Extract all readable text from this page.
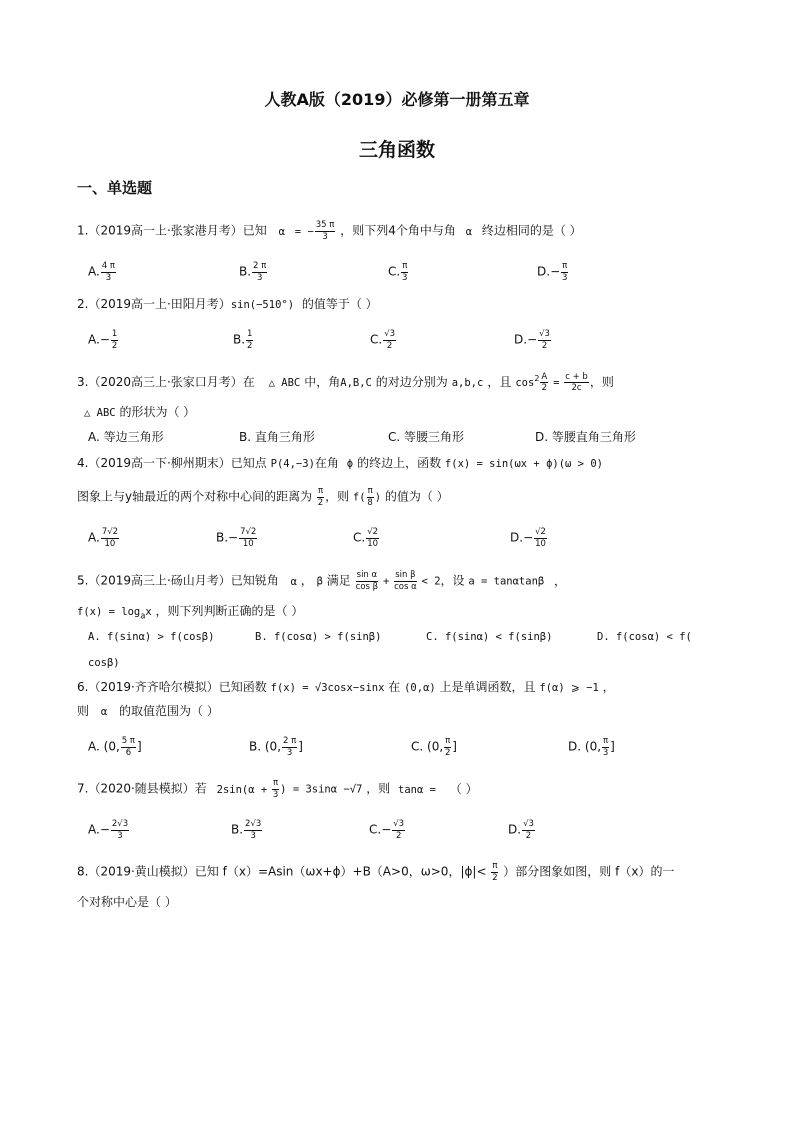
人教A版（2019）必修第一册第五章
三角函数
一、单选题
1.（2019高一上·张家港月考）已知 α = − $\frac{35 \pi}{3}$ ，则下列4个角中与角 α 终边相同的是（ ）
A. $\frac{4 \pi}{3}$	B. $\frac{2 \pi}{3}$	C. $\frac{\pi}{3}$	$D.- \frac{\pi}{3}$
2.（2019高一上·田阳月考）sin(−510°) 的值等于（ ）
$A.- \frac{1}{2}$	B. $\frac{1}{2}$	C. $\frac{√3}{2}$	$D.- \frac{√3}{2}$
3.（2020高三上·张家口月考）在 △ ABC 中，角A,B,C 的对边分别为 a,b,c ，且 $\cos^2 \frac{A}{2} = \frac{c + b}{2c}$ ，则
△ ABC 的形状为（ ）
A. 等边三角形	B. 直角三角形	C. 等腰三角形	D. 等腰直角三角形
4.（2019高一下·柳州期末）已知点 P(4,−3)在角 ϕ 的终边上，函数 f(x) = sin(ωx + ϕ)(ω > 0)
图象上与y轴最近的两个对称中心间的距离为 $\frac{\pi}{2}$ ，则 $f( \frac{\pi}{8}$ ) 的值为（ ）
A. $\frac{7√2}{10}$	$B.- \frac{7√2}{10}$	C. $\frac{√2}{10}$	$D.- \frac{√2}{10}$
5.（2019高三上·砀山月考）已知锐角 α ， β 满足 $\frac{\text{sin α}}{\text{cos β}} + \frac{\text{sin β}}{\text{cos α}} < 2$，设 a = tanαtanβ ，
$f(x) = \log_ax$ ，则下列判断正确的是（ ）
A. f(sinα) > f(cosβ)	B. f(cosα) > f(sinβ)	C. f(sinα) < f(sinβ)	D. f(cosα) < f(
cosβ)
6.（2019·齐齐哈尔模拟）已知函数 f(x) = √3cosx−sinx 在 (0,α) 上是单调函数，且 f(α) ⩾ −1 ，
则 α 的取值范围为（ ）
A. (0, $\frac{5 \pi}{6}$ ]	B. (0, $\frac{2 \pi}{3}$ ]	C. (0, $\frac{\pi}{2}$ ]	D. (0, $\frac{\pi}{3}$ ]
7.（2020·随县模拟）若 $2\sin(\alpha + \frac{\pi}{3}$ ) = 3sinα −√7 ，则 tanα = （ ）
$A.- \frac{2√3}{3}$	B. $\frac{2√3}{3}$	$C.- \frac{√3}{2}$	D. $\frac{√3}{2}$
8.（2019·黄山模拟）已知 f（x）=Asin（ωx+ϕ）+B（A>0，ω>0，$|\phi|< \frac{\pi}{2}$ ）部分图象如图，则 f（x）的一
个对称中心是（ ）
